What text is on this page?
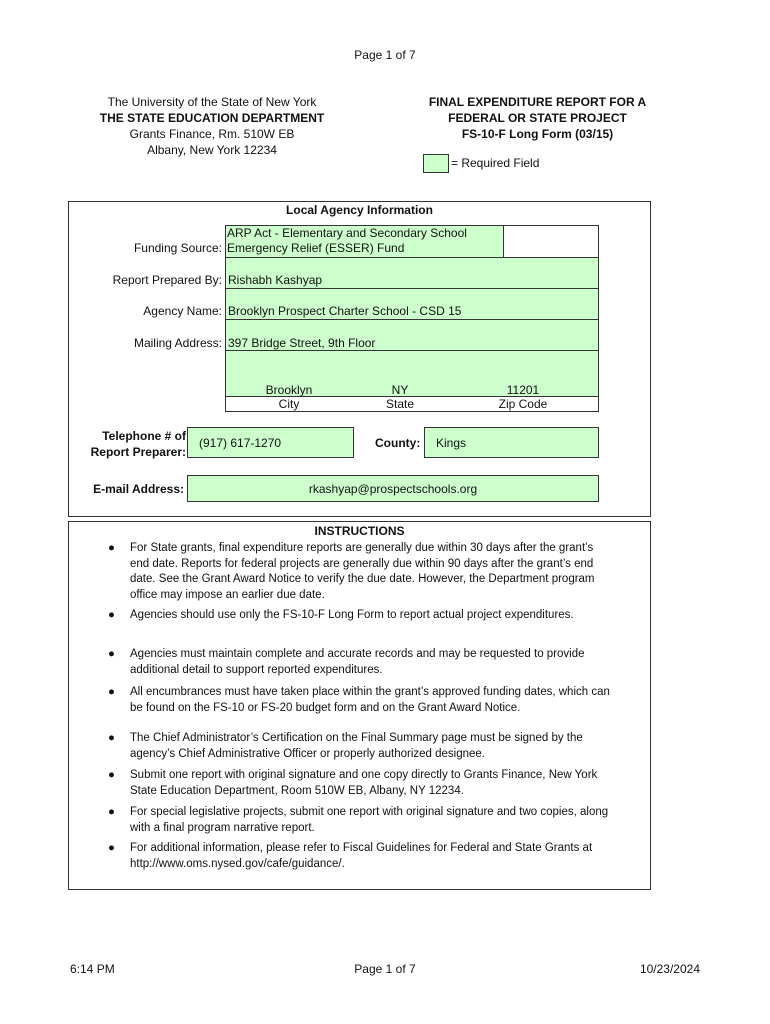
Page 1 of 7
The University of the State of New York
THE STATE EDUCATION DEPARTMENT
Grants Finance, Rm. 510W EB
Albany, New York 12234
FINAL EXPENDITURE REPORT FOR A
FEDERAL OR STATE PROJECT
FS-10-F Long Form (03/15)
= Required Field
Local Agency Information
Funding Source:
ARP Act - Elementary and Secondary School
Emergency Relief (ESSER) Fund
Report Prepared By: Rishabh Kashyap
Agency Name: Brooklyn Prospect Charter School - CSD 15
Mailing Address: 397 Bridge Street, 9th Floor
Brooklyn	NY	11201
City	State	Zip Code
Telephone # of
Report Preparer:
(917) 617-1270	County: Kings
E-mail Address:	rkashyap@prospectschools.org
INSTRUCTIONS
● For State grants, final expenditure reports are generally due within 30 days after the grant’s end date. Reports for federal projects are generally due within 90 days after the grant’s end date. See the Grant Award Notice to verify the due date. However, the Department program office may impose an earlier due date.
● Agencies should use only the FS-10-F Long Form to report actual project expenditures.
● Agencies must maintain complete and accurate records and may be requested to provide additional detail to support reported expenditures.
● All encumbrances must have taken place within the grant’s approved funding dates, which can be found on the FS-10 or FS-20 budget form and on the Grant Award Notice.
● The Chief Administrator’s Certification on the Final Summary page must be signed by the agency’s Chief Administrative Officer or properly authorized designee.
● Submit one report with original signature and one copy directly to Grants Finance, New York State Education Department, Room 510W EB, Albany, NY 12234.
● For special legislative projects, submit one report with original signature and two copies, along with a final program narrative report.
● For additional information, please refer to Fiscal Guidelines for Federal and State Grants at http://www.oms.nysed.gov/cafe/guidance/.
6:14 PM	Page 1 of 7	10/23/2024
